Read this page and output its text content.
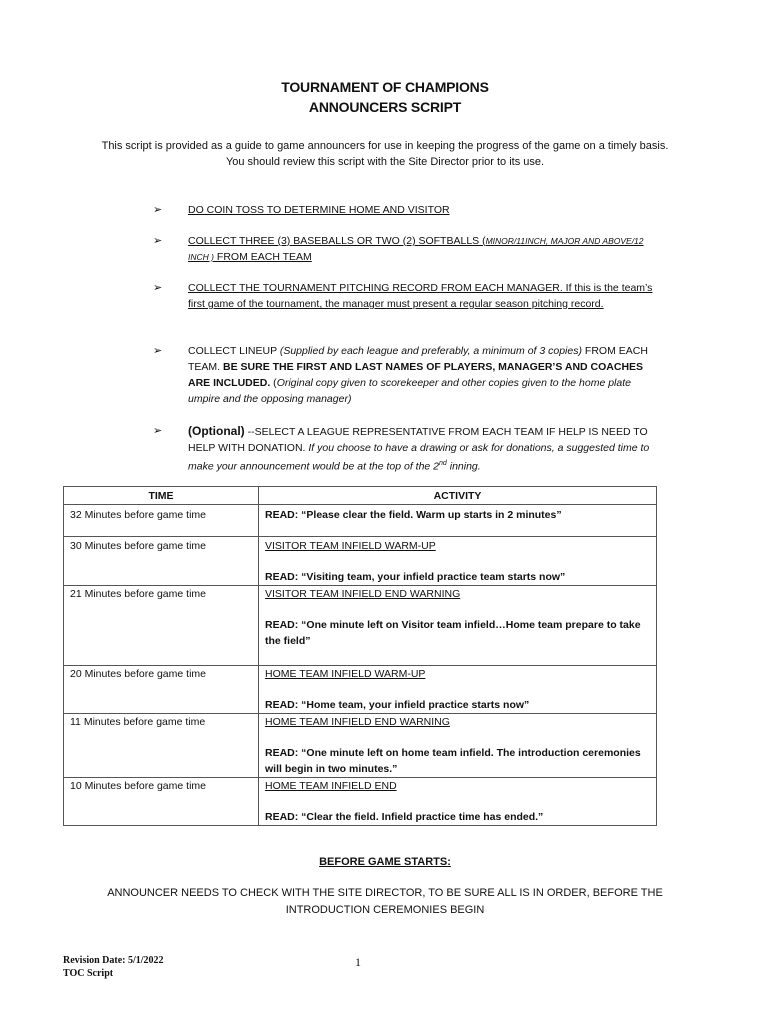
TOURNAMENT OF CHAMPIONS
ANNOUNCERS SCRIPT
This script is provided as a guide to game announcers for use in keeping the progress of the game on a timely basis.
You should review this script with the Site Director prior to its use.
➢ DO COIN TOSS TO DETERMINE HOME AND VISITOR
➢ COLLECT THREE (3) BASEBALLS OR TWO (2) SOFTBALLS (MINOR/11INCH, MAJOR AND ABOVE/12 INCH ) FROM EACH TEAM
➢ COLLECT THE TOURNAMENT PITCHING RECORD FROM EACH MANAGER. If this is the team’s first game of the tournament, the manager must present a regular season pitching record.
➢ COLLECT LINEUP (Supplied by each league and preferably, a minimum of 3 copies) FROM EACH TEAM. BE SURE THE FIRST AND LAST NAMES OF PLAYERS, MANAGER’S AND COACHES ARE INCLUDED. (Original copy given to scorekeeper and other copies given to the home plate umpire and the opposing manager)
➢ (Optional) --SELECT A LEAGUE REPRESENTATIVE FROM EACH TEAM IF HELP IS NEED TO HELP WITH DONATION. If you choose to have a drawing or ask for donations, a suggested time to make your announcement would be at the top of the 2nd inning.
TIME	ACTIVITY
32 Minutes before game time	READ: “Please clear the field. Warm up starts in 2 minutes”
30 Minutes before game time	VISITOR TEAM INFIELD WARM-UP
READ: “Visiting team, your infield practice team starts now”
21 Minutes before game time	VISITOR TEAM INFIELD END WARNING
READ: “One minute left on Visitor team infield…Home team prepare to take the field”
20 Minutes before game time	HOME TEAM INFIELD WARM-UP
READ: “Home team, your infield practice starts now”
11 Minutes before game time	HOME TEAM INFIELD END WARNING
READ: “One minute left on home team infield. The introduction ceremonies will begin in two minutes.”
10 Minutes before game time	HOME TEAM INFIELD END
READ: “Clear the field. Infield practice time has ended.”
BEFORE GAME STARTS:
ANNOUNCER NEEDS TO CHECK WITH THE SITE DIRECTOR, TO BE SURE ALL IS IN ORDER, BEFORE THE
INTRODUCTION CEREMONIES BEGIN
Revision Date: 5/1/2022
TOC Script
1
